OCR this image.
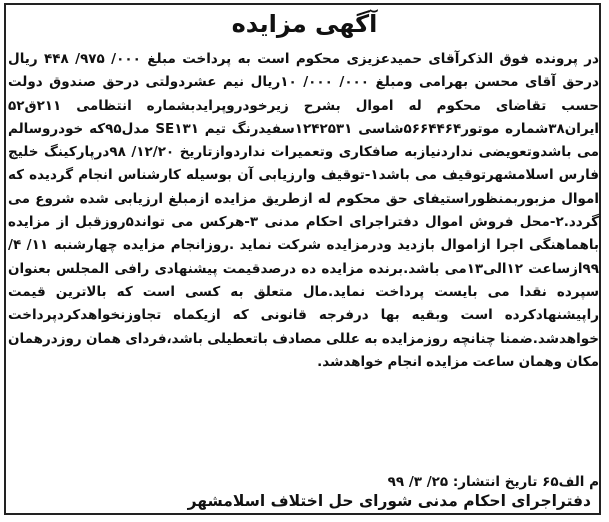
آگهی مزایده
در پرونده فوق الذکرآقای حمیدعزیزی محکوم است به پرداخت مبلغ ۰۰۰/ ۹۷۵/ ۴۴۸ ریال درحق آقای محسن بهرامی ومبلغ ۰۰۰/ ۰۰۰/ ۱۰ریال نیم عشردولتی درحق صندوق دولت حسب تقاضای محکوم له اموال بشرح زیرخودروپرایدبشماره انتظامی ۲۱۱ق۵۲ ایران۳۸شماره موتور۵۶۶۴۴۶۴شاسی ۱۲۴۲۵۳۱سفیدرنگ تیم SE۱۳۱ مدل۹۵که خودروسالم می باشدوتعویضی نداردنیازبه صافکاری وتعمیرات نداردوازتاریخ ۱۲/۲۰/ ۹۸درپارکینگ خلیج فارس اسلامشهرتوقیف می باشد۱-توقیف وارزیابی آن بوسیله کارشناس انجام گردیده که اموال مزبوربمنظوراستیفای حق محکوم له ازطریق مزایده ازمبلغ ارزیابی شده شروع می گردد.۲-محل فروش اموال دفتراجرای احکام مدنی ۳-هرکس می تواند۵روزقبل از مزایده باهماهنگی اجرا ازاموال بازدید ودرمزایده شرکت نماید .روزانجام مزایده چهارشنبه ۱۱/ ۴/ ۹۹ازساعت ۱۲الی۱۳می باشد.برنده مزایده ده درصدقیمت پیشنهادی رافی المجلس بعنوان سپرده نقدا می بایست پرداخت نماید.مال متعلق به کسی است که بالاترین قیمت راپیشنهادکرده است وبقیه بها درفرجه قانونی که ازیکماه تجاوزنخواهدکردپرداخت خواهدشد.ضمنا چنانچه روزمزایده به عللی مصادف باتعطیلی باشد،فردای همان روزدرهمان مکان وهمان ساعت مزایده انجام خواهدشد.
م الف۶۵ تاریخ انتشار: ۲۵/ ۳/ ۹۹
دفتراجرای احکام مدنی شورای حل اختلاف اسلامشهر
